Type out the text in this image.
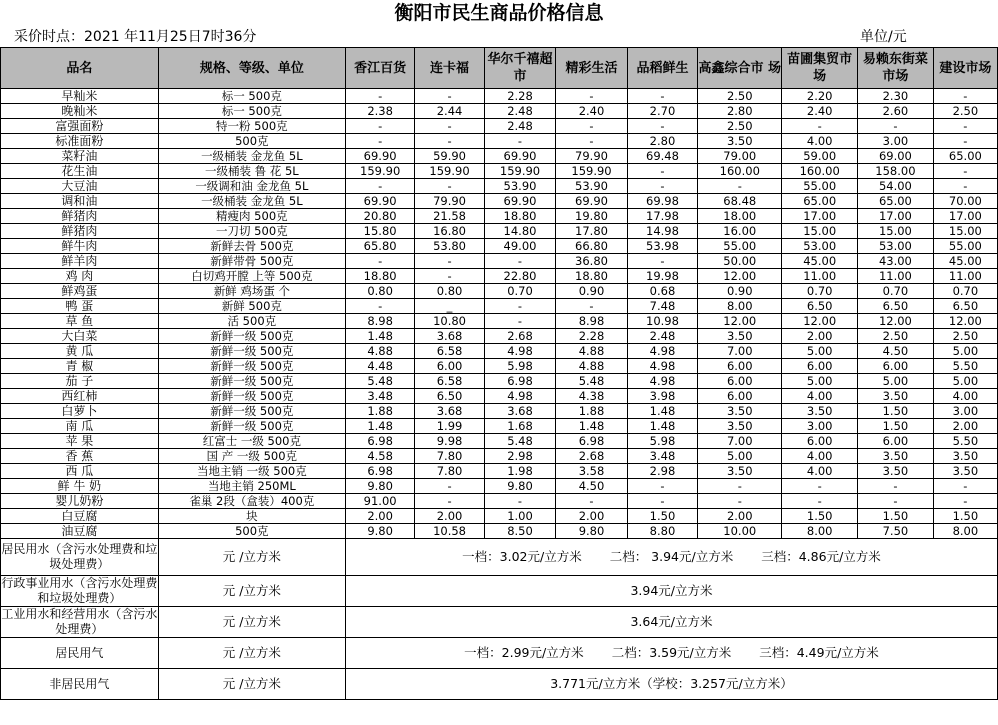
衡阳市民生商品价格信息
采价时点：2021 年11月25日7时36分	单位/元
品名	规格、等级、单位	香江百货	连卡福	华尔千禧超 市	精彩生活	品稻鲜生	高鑫综合市 场	苗圃集贸市 场	易赖东街菜市场	建设市场
早籼米	标一 500克	-	-	2.28	-	-	2.50	2.20	2.30	-
晚籼米	标一 500克	2.38	2.44	2.48	2.40	2.70	2.80	2.40	2.60	2.50
富强面粉	特一粉 500克	-	-	2.48	-	-	2.50	-	-	-
标准面粉	500克	-	-	-	-	2.80	3.50	4.00	3.00	-
菜籽油	一级桶装 金龙鱼 5L	69.90	59.90	69.90	79.90	69.48	79.00	59.00	69.00	65.00
花生油	一级桶装 鲁 花 5L	159.90	159.90	159.90	159.90	-	160.00	160.00	158.00	-
大豆油	一级调和油 金龙鱼 5L	-	-	53.90	53.90	-	-	55.00	54.00	-
调和油	一级桶装 金龙鱼 5L	69.90	79.90	69.90	69.90	69.98	68.48	65.00	65.00	70.00
鲜猪肉	精瘦肉 500克	20.80	21.58	18.80	19.80	17.98	18.00	17.00	17.00	17.00
鲜猪肉	一刀切 500克	15.80	16.80	14.80	17.80	14.98	16.00	15.00	15.00	15.00
鲜牛肉	新鲜去骨 500克	65.80	53.80	49.00	66.80	53.98	55.00	53.00	53.00	55.00
鲜羊肉	新鲜带骨 500克	-	-	-	36.80	-	50.00	45.00	43.00	45.00
鸡 肉	白切鸡开膛 上等 500克	18.80	-	22.80	18.80	19.98	12.00	11.00	11.00	11.00
鲜鸡蛋	新鲜 鸡场蛋 个	0.80	0.80	0.70	0.90	0.68	0.90	0.70	0.70	0.70
鸭 蛋	新鲜 500克	-	_	-	-	7.48	8.00	6.50	6.50	6.50
草 鱼	活 500克	8.98	10.80	-	8.98	10.98	12.00	12.00	12.00	12.00
大白菜	新鲜一级 500克	1.48	3.68	2.68	2.28	2.48	3.50	2.00	2.50	2.50
黄 瓜	新鲜一级 500克	4.88	6.58	4.98	4.88	4.98	7.00	5.00	4.50	5.00
青 椒	新鲜一级 500克	4.48	6.00	5.98	4.88	4.98	6.00	6.00	6.00	5.50
茄 子	新鲜一级 500克	5.48	6.58	6.98	5.48	4.98	6.00	5.00	5.00	5.00
西红柿	新鲜一级 500克	3.48	6.50	4.98	4.38	3.98	6.00	4.00	3.50	4.00
白萝卜	新鲜一级 500克	1.88	3.68	3.68	1.88	1.48	3.50	3.50	1.50	3.00
南 瓜	新鲜一级 500克	1.48	1.99	1.68	1.48	1.48	3.50	3.00	1.50	2.00
苹 果	红富士 一级 500克	6.98	9.98	5.48	6.98	5.98	7.00	6.00	6.00	5.50
香 蕉	国 产 一级 500克	4.58	7.80	2.98	2.68	3.48	5.00	4.00	3.50	3.50
西 瓜	当地主销 一级 500克	6.98	7.80	1.98	3.58	2.98	3.50	4.00	3.50	3.50
鲜 牛 奶	当地主销 250ML	9.80	-	9.80	4.50	-	-	-	-	-
婴儿奶粉	雀巢 2段（盒装）400克	91.00	-	-	-	-	-	-	-	-
白豆腐	块	2.00	2.00	1.00	2.00	1.50	2.00	1.50	1.50	1.50
油豆腐	500克	9.80	10.58	8.50	9.80	8.80	10.00	8.00	7.50	8.00
居民用水（含污水处理费和垃圾处理费）	元 /立方米	一档：3.02元/立方米 二档： 3.94元/立方米 三档：4.86元/立方米								
行政事业用水（含污水处理费和垃圾处理费）	元 /立方米	3.94元/立方米								
工业用水和经营用水（含污水处理费）	元 /立方米	3.64元/立方米								
居民用气	元 /立方米	一档：2.99元/立方米 二档：3.59元/立方米 三档：4.49元/立方米								
非居民用气	元 /立方米	3.771元/立方米（学校：3.257元/立方米）								
